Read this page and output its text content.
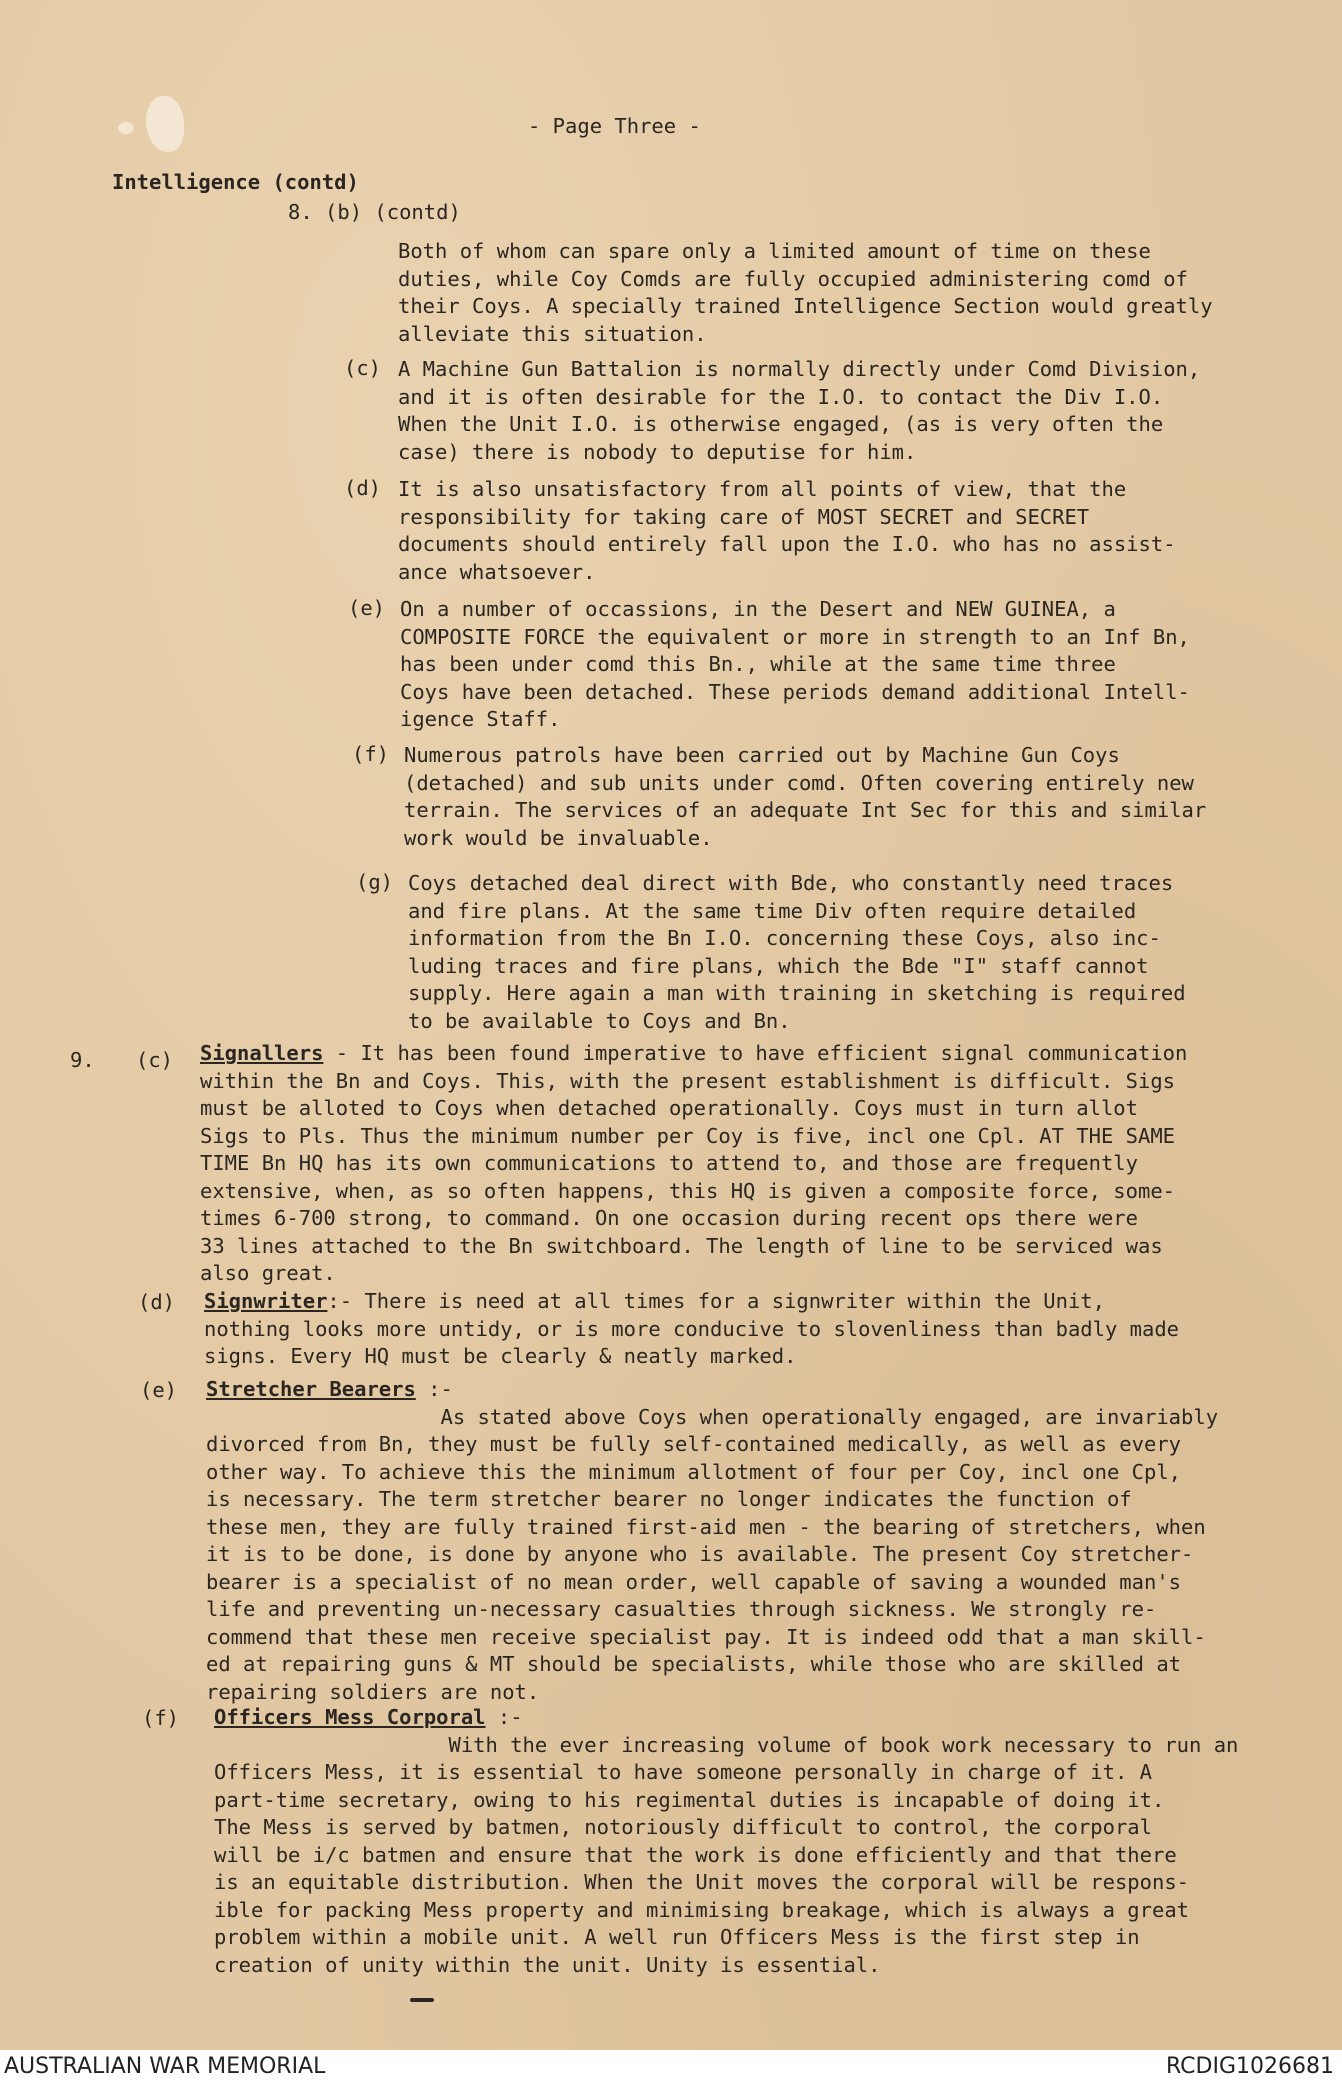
- Page Three -
Intelligence (contd)
8. (b) (contd)

Both of whom can spare only a limited amount of time on these

duties, while Coy Comds are fully occupied administering comd of

their Coys. A specially trained Intelligence Section would greatly

alleviate this situation.

(c) A Machine Gun Battalion is normally directly under Comd Division,

and it is often desirable for the I.O. to contact the Div I.O.

When the Unit I.O. is otherwise engaged, (as is very often the

case) there is nobody to deputise for him.

(d) It is also unsatisfactory from all points of view, that the

responsibility for taking care of MOST SECRET and SECRET

documents should entirely fall upon the I.O. who has no assist-

ance whatsoever.

(e) On a number of occassions, in the Desert and NEW GUINEA, a

COMPOSITE FORCE the equivalent or more in strength to an Inf Bn,

has been under comd this Bn., while at the same time three

Coys have been detached. These periods demand additional Intell-

igence Staff.

(f) Numerous patrols have been carried out by Machine Gun Coys

(detached) and sub units under comd. Often covering entirely new

terrain. The services of an adequate Int Sec for this and similar

work would be invaluable.

(g) Coys detached deal direct with Bde, who constantly need traces

and fire plans. At the same time Div often require detailed

information from the Bn I.O. concerning these Coys, also inc-

luding traces and fire plans, which the Bde "I" staff cannot

supply. Here again a man with training in sketching is required

to be available to Coys and Bn.

9. (c) Signallers - It has been found imperative to have efficient signal communication

within the Bn and Coys. This, with the present establishment is difficult. Sigs

must be alloted to Coys when detached operationally. Coys must in turn allot

Sigs to Pls. Thus the minimum number per Coy is five, incl one Cpl. AT THE SAME

TIME Bn HQ has its own communications to attend to, and those are frequently

extensive, when, as so often happens, this HQ is given a composite force, some-

times 6-700 strong, to command. On one occasion during recent ops there were

33 lines attached to the Bn switchboard. The length of line to be serviced was

also great.

(d) Signwriter:- There is need at all times for a signwriter within the Unit,

nothing looks more untidy, or is more conducive to slovenliness than badly made

signs. Every HQ must be clearly & neatly marked.

(e) Stretcher Bearers :-

As stated above Coys when operationally engaged, are invariably

divorced from Bn, they must be fully self-contained medically, as well as every

other way. To achieve this the minimum allotment of four per Coy, incl one Cpl,

is necessary. The term stretcher bearer no longer indicates the function of

these men, they are fully trained first-aid men - the bearing of stretchers, when

it is to be done, is done by anyone who is available. The present Coy stretcher-

bearer is a specialist of no mean order, well capable of saving a wounded man's

life and preventing un-necessary casualties through sickness. We strongly re-

commend that these men receive specialist pay. It is indeed odd that a man skill-

ed at repairing guns & MT should be specialists, while those who are skilled at

repairing soldiers are not.

(f) Officers Mess Corporal :-

With the ever increasing volume of book work necessary to run an

Officers Mess, it is essential to have someone personally in charge of it. A

part-time secretary, owing to his regimental duties is incapable of doing it.

The Mess is served by batmen, notoriously difficult to control, the corporal

will be i/c batmen and ensure that the work is done efficiently and that there

is an equitable distribution. When the Unit moves the corporal will be respons-

ible for packing Mess property and minimising breakage, which is always a great

problem within a mobile unit. A well run Officers Mess is the first step in

creation of unity within the unit. Unity is essential.

AUSTRALIAN WAR MEMORIAL	RCDIG1026681
